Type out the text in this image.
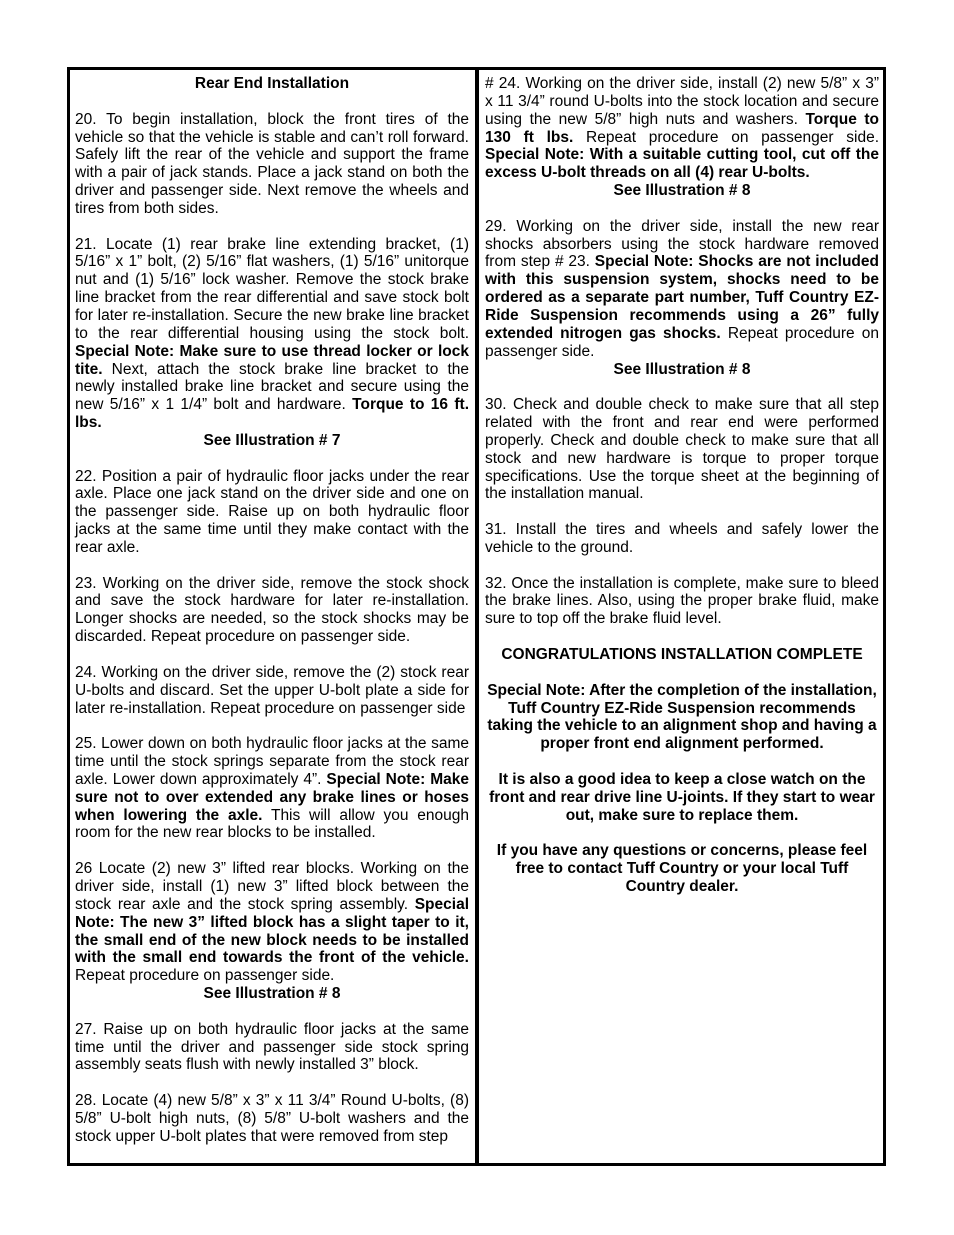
Rear End Installation
20. To begin installation, block the front tires of the
vehicle so that the vehicle is stable and can’t roll forward.
Safely lift the rear of the vehicle and support the frame
with a pair of jack stands. Place a jack stand on both the
driver and passenger side. Next remove the wheels and
tires from both sides.
21. Locate (1) rear brake line extending bracket, (1)
5/16” x 1” bolt, (2) 5/16” flat washers, (1) 5/16” unitorque
nut and (1) 5/16” lock washer. Remove the stock brake
line bracket from the rear differential and save stock bolt
for later re-installation. Secure the new brake line bracket
to the rear differential housing using the stock bolt.
Special Note: Make sure to use thread locker or lock
tite. Next, attach the stock brake line bracket to the
newly installed brake line bracket and secure using the
new 5/16” x 1 1/4” bolt and hardware. Torque to 16 ft.
lbs.
See Illustration # 7
22. Position a pair of hydraulic floor jacks under the rear
axle. Place one jack stand on the driver side and one on
the passenger side. Raise up on both hydraulic floor
jacks at the same time until they make contact with the
rear axle.
23. Working on the driver side, remove the stock shock
and save the stock hardware for later re-installation.
Longer shocks are needed, so the stock shocks may be
discarded. Repeat procedure on passenger side.
24. Working on the driver side, remove the (2) stock rear
U-bolts and discard. Set the upper U-bolt plate a side for
later re-installation. Repeat procedure on passenger side
25. Lower down on both hydraulic floor jacks at the same
time until the stock springs separate from the stock rear
axle. Lower down approximately 4”. Special Note: Make
sure not to over extended any brake lines or hoses
when lowering the axle. This will allow you enough
room for the new rear blocks to be installed.
26 Locate (2) new 3” lifted rear blocks. Working on the
driver side, install (1) new 3” lifted block between the
stock rear axle and the stock spring assembly. Special
Note: The new 3” lifted block has a slight taper to it,
the small end of the new block needs to be installed
with the small end towards the front of the vehicle.
Repeat procedure on passenger side.
See Illustration # 8
27. Raise up on both hydraulic floor jacks at the same
time until the driver and passenger side stock spring
assembly seats flush with newly installed 3” block.
28. Locate (4) new 5/8” x 3” x 11 3/4” Round U-bolts, (8)
5/8” U-bolt high nuts, (8) 5/8” U-bolt washers and the
stock upper U-bolt plates that were removed from step
# 24. Working on the driver side, install (2) new 5/8” x 3”
x 11 3/4” round U-bolts into the stock location and secure
using the new 5/8” high nuts and washers. Torque to
130 ft lbs. Repeat procedure on passenger side.
Special Note: With a suitable cutting tool, cut off the
excess U-bolt threads on all (4) rear U-bolts.
See Illustration # 8
29. Working on the driver side, install the new rear
shocks absorbers using the stock hardware removed
from step # 23. Special Note: Shocks are not included
with this suspension system, shocks need to be
ordered as a separate part number, Tuff Country EZ-
Ride Suspension recommends using a 26” fully
extended nitrogen gas shocks. Repeat procedure on
passenger side.
See Illustration # 8
30. Check and double check to make sure that all step
related with the front and rear end were performed
properly. Check and double check to make sure that all
stock and new hardware is torque to proper torque
specifications. Use the torque sheet at the beginning of
the installation manual.
31. Install the tires and wheels and safely lower the
vehicle to the ground.
32. Once the installation is complete, make sure to bleed
the brake lines. Also, using the proper brake fluid, make
sure to top off the brake fluid level.
CONGRATULATIONS INSTALLATION COMPLETE
Special Note: After the completion of the installation,
Tuff Country EZ-Ride Suspension recommends
taking the vehicle to an alignment shop and having a
proper front end alignment performed.
It is also a good idea to keep a close watch on the
front and rear drive line U-joints. If they start to wear
out, make sure to replace them.
If you have any questions or concerns, please feel
free to contact Tuff Country or your local Tuff
Country dealer.
